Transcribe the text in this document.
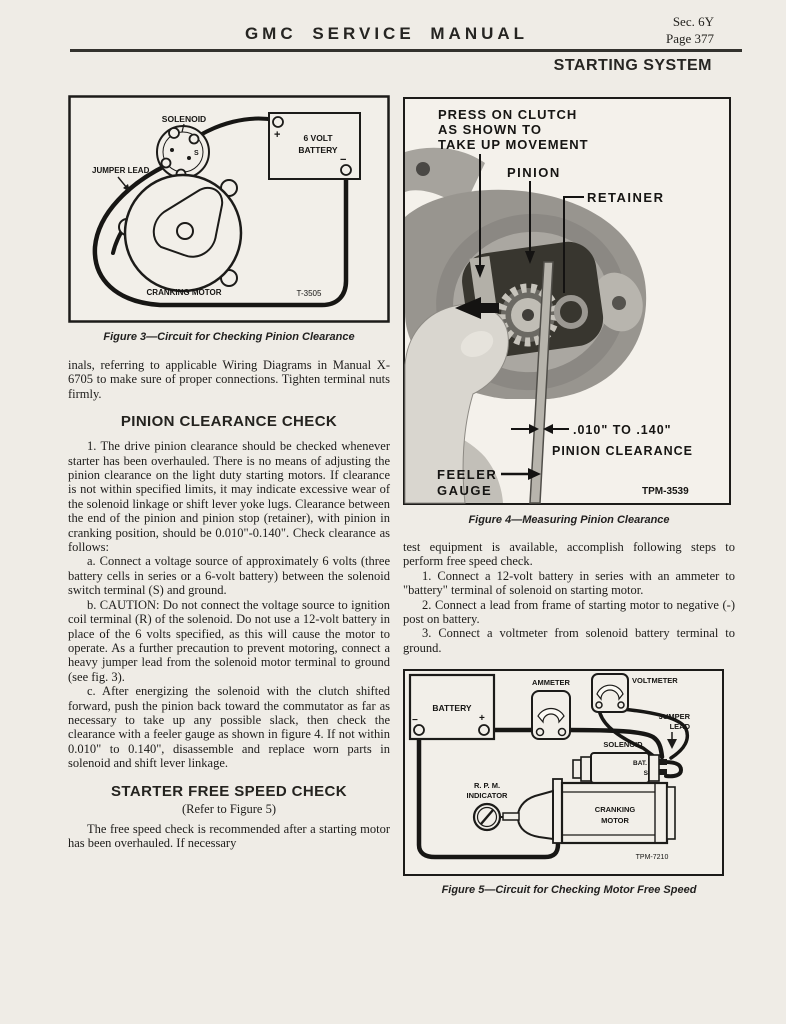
Sec. 6Y
Page 377
GMC SERVICE MANUAL
STARTING SYSTEM
S
SOLENOID
6 VOLT
BATTERY
+
−
JUMPER LEAD
CRANKING MOTOR	T-3505
Figure 3—Circuit for Checking Pinion Clearance

inals, referring to applicable Wiring Diagrams in Manual X-6705 to make sure of proper connections. Tighten terminal nuts firmly.

PINION CLEARANCE CHECK

1. The drive pinion clearance should be checked whenever starter has been overhauled. There is no means of adjusting the pinion clearance on the light duty starting motors. If clearance is not within specified limits, it may indicate excessive wear of the solenoid linkage or shift lever yoke lugs. Clearance between the end of the pinion and pinion stop (retainer), with pinion in cranking position, should be 0.010"-0.140". Check clearance as follows:

a. Connect a voltage source of approximately 6 volts (three battery cells in series or a 6-volt battery) between the solenoid switch terminal (S) and ground.

b. CAUTION: Do not connect the voltage source to ignition coil terminal (R) of the solenoid. Do not use a 12-volt battery in place of the 6 volts specified, as this will cause the motor to operate. As a further precaution to prevent motoring, connect a heavy jumper lead from the solenoid motor terminal to ground (see fig. 3).

c. After energizing the solenoid with the clutch shifted forward, push the pinion back toward the commutator as far as necessary to take up any possible slack, then check the clearance with a feeler gauge as shown in figure 4. If not within 0.010" to 0.140", disassemble and replace worn parts in solenoid and shift lever linkage.

STARTER FREE SPEED CHECK

(Refer to Figure 5)

The free speed check is recommended after a starting motor has been overhauled. If necessary

PRESS ON CLUTCH
AS SHOWN TO
TAKE UP MOVEMENT
PINION
RETAINER
.010" TO .140"
PINION CLEARANCE
FEELER
GAUGE	TPM-3539
Figure 4—Measuring Pinion Clearance

test equipment is available, accomplish following steps to perform free speed check.

1. Connect a 12-volt battery in series with an ammeter to "battery" terminal of solenoid on starting motor.

2. Connect a lead from frame of starting motor to negative (-) post on battery.

3. Connect a voltmeter from solenoid battery terminal to ground.

BATTERY
−	+
AMMETER	VOLTMETER
JUMPER
LEAD
SOLENOID
BAT.
S
CRANKING
MOTOR
R. P. M.
INDICATOR
TPM-7210
Figure 5—Circuit for Checking Motor Free Speed
